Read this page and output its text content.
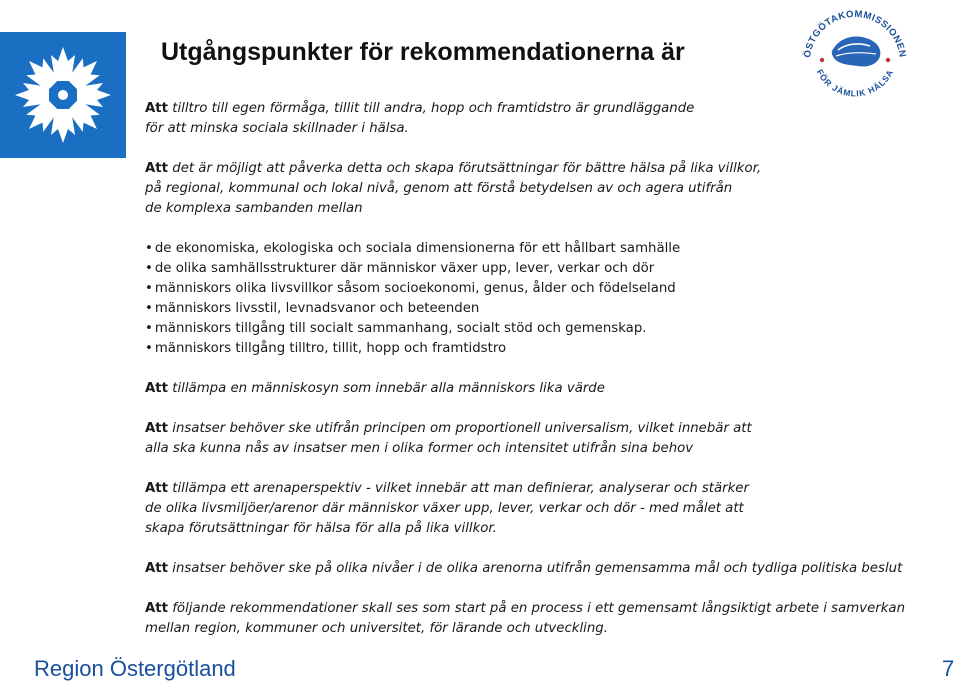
ÖSTGÖTAKOMMISSIONEN
FÖR JÄMLIK HÄLSA
Utgångspunkter för rekommendationerna är
Att tilltro till egen förmåga, tillit till andra, hopp och framtidstro är grundläggande
för att minska sociala skillnader i hälsa.
Att det är möjligt att påverka detta och skapa förutsättningar för bättre hälsa på lika villkor,
på regional, kommunal och lokal nivå, genom att förstå betydelsen av och agera utifrån
de komplexa sambanden mellan
• de ekonomiska, ekologiska och sociala dimensionerna för ett hållbart samhälle
• de olika samhällsstrukturer där människor växer upp, lever, verkar och dör
• människors olika livsvillkor såsom socioekonomi, genus, ålder och födelseland
• människors livsstil, levnadsvanor och beteenden
• människors tillgång till socialt sammanhang, socialt stöd och gemenskap.
• människors tillgång tilltro, tillit, hopp och framtidstro
Att tillämpa en människosyn som innebär alla människors lika värde
Att insatser behöver ske utifrån principen om proportionell universalism, vilket innebär att
alla ska kunna nås av insatser men i olika former och intensitet utifrån sina behov
Att tillämpa ett arenaperspektiv - vilket innebär att man definierar, analyserar och stärker
de olika livsmiljöer/arenor där människor växer upp, lever, verkar och dör - med målet att
skapa förutsättningar för hälsa för alla på lika villkor.
Att insatser behöver ske på olika nivåer i de olika arenorna utifrån gemensamma mål och tydliga politiska beslut
Att följande rekommendationer skall ses som start på en process i ett gemensamt långsiktigt arbete i samverkan
mellan region, kommuner och universitet, för lärande och utveckling.
Region Östergötland	7
